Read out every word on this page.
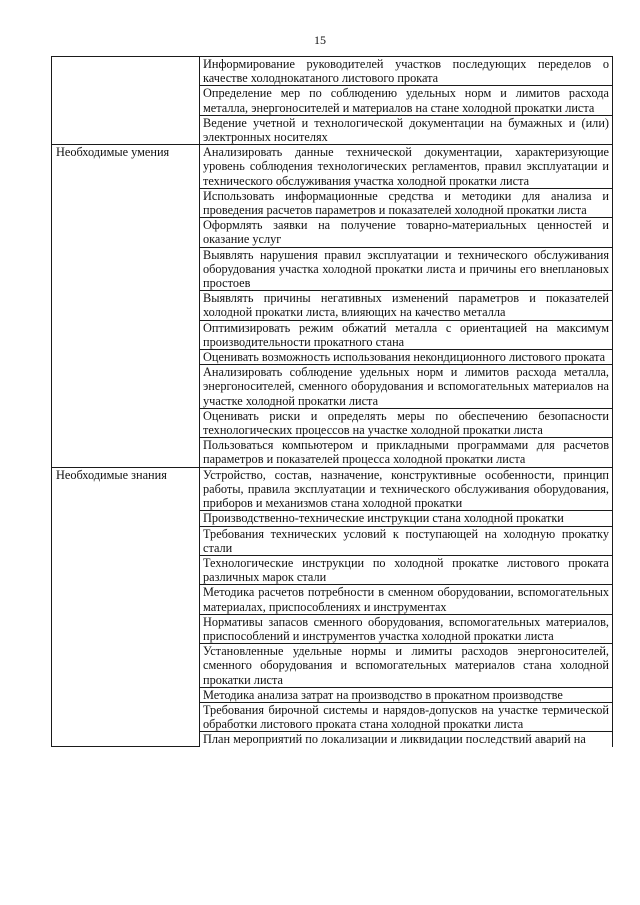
15
	Информирование руководителей участков последующих переделов о качестве холоднокатаного листового проката
	Определение мер по соблюдению удельных норм и лимитов расхода металла, энергоносителей и материалов на стане холодной прокатки листа
	Ведение учетной и технологической документации на бумажных и (или) электронных носителях
Необходимые умения	Анализировать данные технической документации, характеризующие уровень соблюдения технологических регламентов, правил эксплуатации и технического обслуживания участка холодной прокатки листа
	Использовать информационные средства и методики для анализа и проведения расчетов параметров и показателей холодной прокатки листа
	Оформлять заявки на получение товарно-материальных ценностей и оказание услуг
	Выявлять нарушения правил эксплуатации и технического обслуживания оборудования участка холодной прокатки листа и причины его внеплановых простоев
	Выявлять причины негативных изменений параметров и показателей холодной прокатки листа, влияющих на качество металла
	Оптимизировать режим обжатий металла с ориентацией на максимум производительности прокатного стана
	Оценивать возможность использования некондиционного листового проката
	Анализировать соблюдение удельных норм и лимитов расхода металла, энергоносителей, сменного оборудования и вспомогательных материалов на участке холодной прокатки листа
	Оценивать риски и определять меры по обеспечению безопасности технологических процессов на участке холодной прокатки листа
	Пользоваться компьютером и прикладными программами для расчетов параметров и показателей процесса холодной прокатки листа
Необходимые знания	Устройство, состав, назначение, конструктивные особенности, принцип работы, правила эксплуатации и технического обслуживания оборудования, приборов и механизмов стана холодной прокатки
	Производственно-технические инструкции стана холодной прокатки
	Требования технических условий к поступающей на холодную прокатку стали
	Технологические инструкции по холодной прокатке листового проката различных марок стали
	Методика расчетов потребности в сменном оборудовании, вспомогательных материалах, приспособлениях и инструментах
	Нормативы запасов сменного оборудования, вспомогательных материалов, приспособлений и инструментов участка холодной прокатки листа
	Установленные удельные нормы и лимиты расходов энергоносителей, сменного оборудования и вспомогательных материалов стана холодной прокатки листа
	Методика анализа затрат на производство в прокатном производстве
	Требования бирочной системы и нарядов-допусков на участке термической обработки листового проката стана холодной прокатки листа
	План мероприятий по локализации и ликвидации последствий аварий на
